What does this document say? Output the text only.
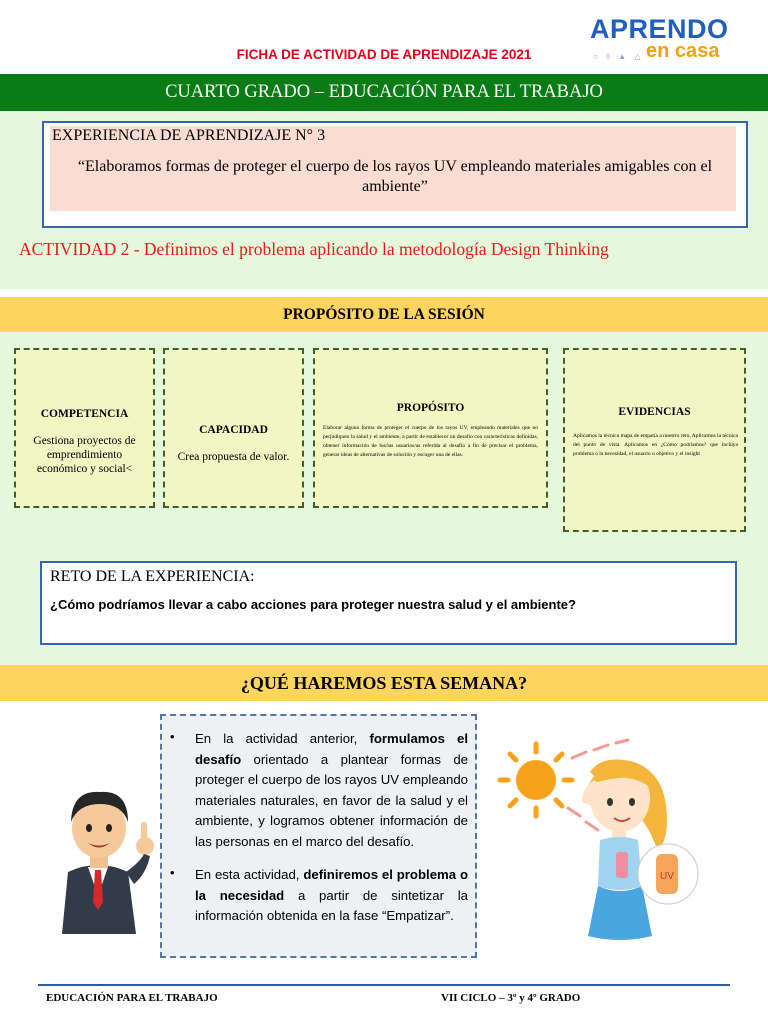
FICHA DE ACTIVIDAD DE APRENDIZAJE 2021
APRENDO
en casa
○ ◊ ▲ △
CUARTO GRADO – EDUCACIÓN PARA EL TRABAJO
EXPERIENCIA DE APRENDIZAJE N° 3
“Elaboramos formas de proteger el cuerpo de los rayos UV empleando materiales amigables con el ambiente”
ACTIVIDAD 2 - Definimos el problema aplicando la metodología Design Thinking
PROPÓSITO DE LA SESIÓN
COMPETENCIA
Gestiona proyectos de emprendimiento económico y social<
CAPACIDAD
Crea propuesta de valor.
PROPÓSITO
Elaborar alguna forma de proteger el cuerpo de los rayos UV, empleando materiales que no perjudiquen la salud y el ambiente, a partir de establecer un desafío con características definidas, obtener información de los/las usuarios/as referida al desafío a fin de precisar el problema, generar ideas de alternativas de solución y escoger una de ellas.
EVIDENCIAS
Aplicamos la técnica mapa de empatía a nuestro reto. Aplicamos la técnica del punto de vista. Aplicamos en ¿Cómo podríamos? que incluya problema o la necesidad, el usuario u objetivo y el insight
RETO DE LA EXPERIENCIA:
¿Cómo podríamos llevar a cabo acciones para proteger nuestra salud y el ambiente?
¿QUÉ HAREMOS ESTA SEMANA?
• En la actividad anterior, formulamos el desafío orientado a plantear formas de proteger el cuerpo de los rayos UV empleando materiales naturales, en favor de la salud y el ambiente, y logramos obtener información de las personas en el marco del desafío.
• En esta actividad, definiremos el problema o la necesidad a partir de sintetizar la información obtenida en la fase “Empatizar”.
UV
EDUCACIÓN PARA EL TRABAJO	VII CICLO – 3º y 4º GRADO
